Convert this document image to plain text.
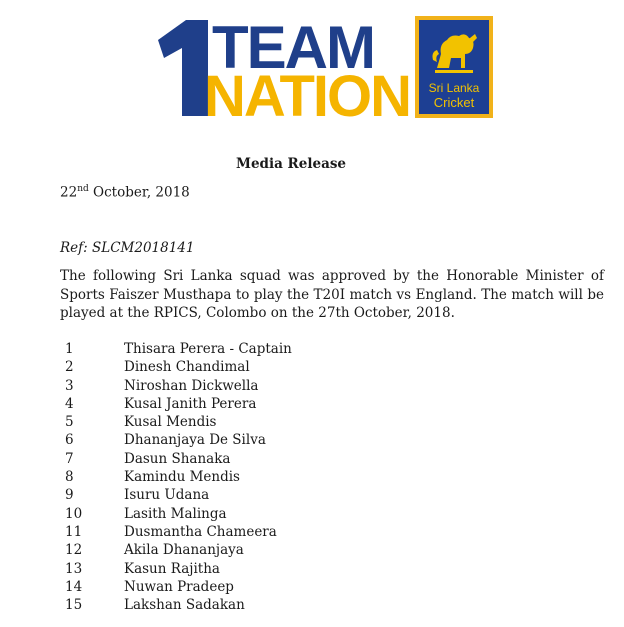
TEAM
NATION	Sri Lanka
Cricket
Media Release
22nd October, 2018
Ref: SLCM2018141
The following Sri Lanka squad was approved by the Honorable Minister of Sports Faiszer Musthapa to play the T20I match vs England. The match will be played at the RPICS, Colombo on the 27th October, 2018.
1	Thisara Perera - Captain
2	Dinesh Chandimal
3	Niroshan Dickwella
4	Kusal Janith Perera
5	Kusal Mendis
6	Dhananjaya De Silva
7	Dasun Shanaka
8	Kamindu Mendis
9	Isuru Udana
10	Lasith Malinga
11	Dusmantha Chameera
12	Akila Dhananjaya
13	Kasun Rajitha
14	Nuwan Pradeep
15	Lakshan Sadakan
